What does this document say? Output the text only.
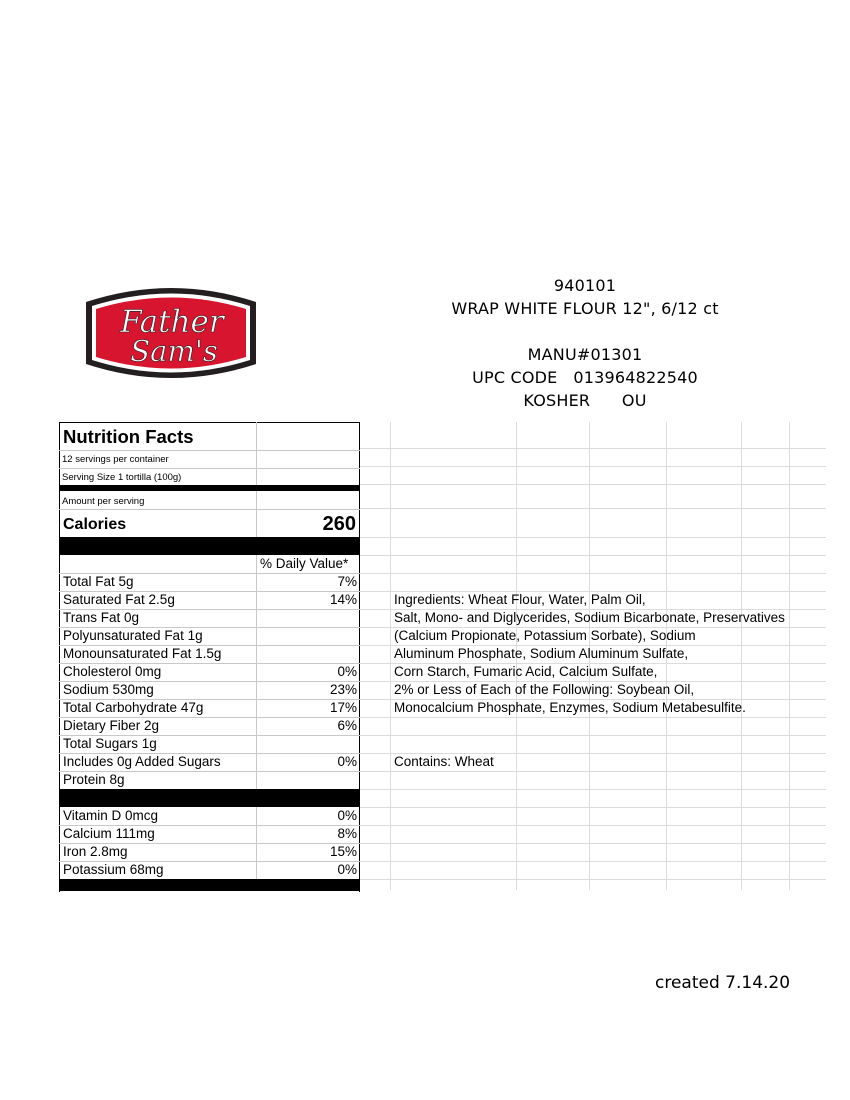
Father
Sam's
940101
WRAP WHITE FLOUR 12", 6/12 ct
MANU#01301
UPC CODE   013964822540
KOSHER      OU
Nutrition Facts
12 servings per container
Serving Size 1 tortilla (100g)
Amount per serving
Calories	260
% Daily Value*
Total Fat 5g	7%
Saturated Fat 2.5g	14%
Trans Fat 0g
Polyunsaturated Fat 1g
Monounsaturated Fat 1.5g
Cholesterol 0mg	0%
Sodium 530mg	23%
Total Carbohydrate 47g	17%
Dietary Fiber 2g	6%
Total Sugars 1g
Includes 0g Added Sugars	0%
Protein 8g
Vitamin D 0mcg	0%
Calcium 111mg	8%
Iron 2.8mg	15%
Potassium 68mg	0%
Ingredients: Wheat Flour, Water, Palm Oil,
Salt, Mono- and Diglycerides, Sodium Bicarbonate, Preservatives
(Calcium Propionate, Potassium Sorbate), Sodium
Aluminum Phosphate, Sodium Aluminum Sulfate,
Corn Starch, Fumaric Acid, Calcium Sulfate,
2% or Less of Each of the Following: Soybean Oil,
Monocalcium Phosphate, Enzymes, Sodium Metabesulfite.
Contains: Wheat
created 7.14.20
